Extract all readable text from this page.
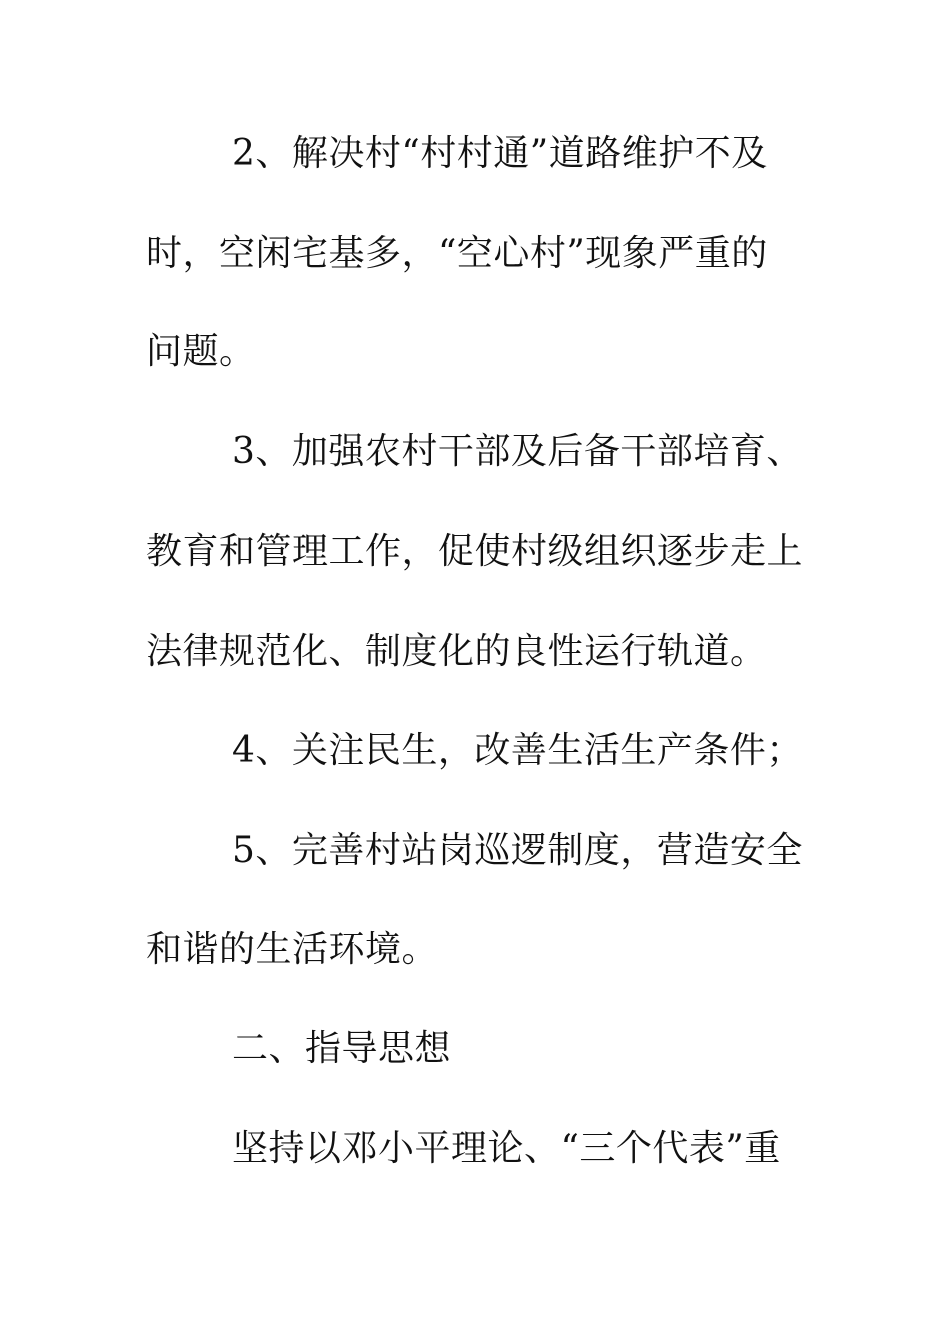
2、解决村“村村通”道路维护不及
时，空闲宅基多，“空心村”现象严重的
问题。
3、加强农村干部及后备干部培育、
教育和管理工作，促使村级组织逐步走上
法律规范化、制度化的良性运行轨道。
4、关注民生，改善生活生产条件；
5、完善村站岗巡逻制度，营造安全
和谐的生活环境。
二、指导思想
坚持以邓小平理论、“三个代表”重
